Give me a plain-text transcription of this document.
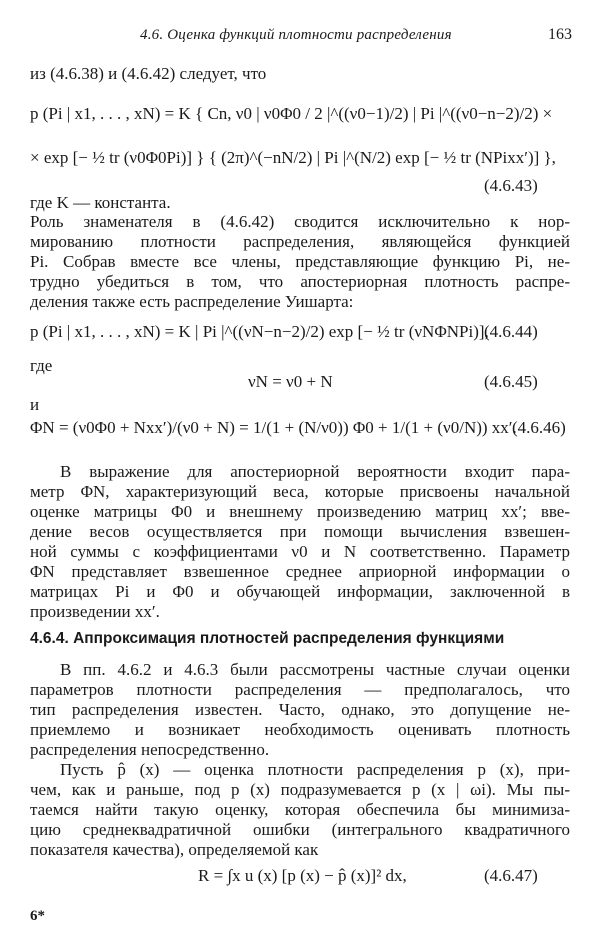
4.6. Оценка функций плотности распределения	163
из (4.6.38) и (4.6.42) следует, что
p (Pi | x1, . . . , xN) = K { Cn, ν0 | ν0Φ0 / 2 |^((ν0−1)/2) | Pi |^((ν0−n−2)/2) ×
× exp [− ½ tr (ν0Φ0Pi)] } { (2π)^(−nN/2) | Pi |^(N/2) exp [− ½ tr (NPixx′)] },
(4.6.43)
где K — константа.
Роль знаменателя в (4.6.42) сводится исключительно к нор-
мированию плотности распределения, являющейся функцией
Pi. Собрав вместе все члены, представляющие функцию Pi, не-
трудно убедиться в том, что апостериорная плотность распре-
деления также есть распределение Уишарта:
p (Pi | x1, . . . , xN) = K | Pi |^((νN−n−2)/2) exp [− ½ tr (νNΦNPi)],
(4.6.44)
где
νN = ν0 + N	(4.6.45)
и
ΦN = (ν0Φ0 + Nxx′)/(ν0 + N) = 1/(1 + (N/ν0)) Φ0 + 1/(1 + (ν0/N)) xx′.
(4.6.46)
В выражение для апостериорной вероятности входит пара-
метр ΦN, характеризующий веса, которые присвоены начальной
оценке матрицы Φ0 и внешнему произведению матриц xx′; вве-
дение весов осуществляется при помощи вычисления взвешен-
ной суммы с коэффициентами ν0 и N соответственно. Параметр
ΦN представляет взвешенное среднее априорной информации о
матрицах Pi и Φ0 и обучающей информации, заключенной в
произведении xx′.
4.6.4. Аппроксимация плотностей распределения функциями
В пп. 4.6.2 и 4.6.3 были рассмотрены частные случаи оценки
параметров плотности распределения — предполагалось, что
тип распределения известен. Часто, однако, это допущение не-
приемлемо и возникает необходимость оценивать плотность
распределения непосредственно.
Пусть p̂ (x) — оценка плотности распределения p (x), при-
чем, как и раньше, под p (x) подразумевается p (x | ωi). Мы пы-
таемся найти такую оценку, которая обеспечила бы минимиза-
цию среднеквадратичной ошибки (интегрального квадратичного
показателя качества), определяемой как
R = ∫x u (x) [p (x) − p̂ (x)]² dx,	(4.6.47)
6*
